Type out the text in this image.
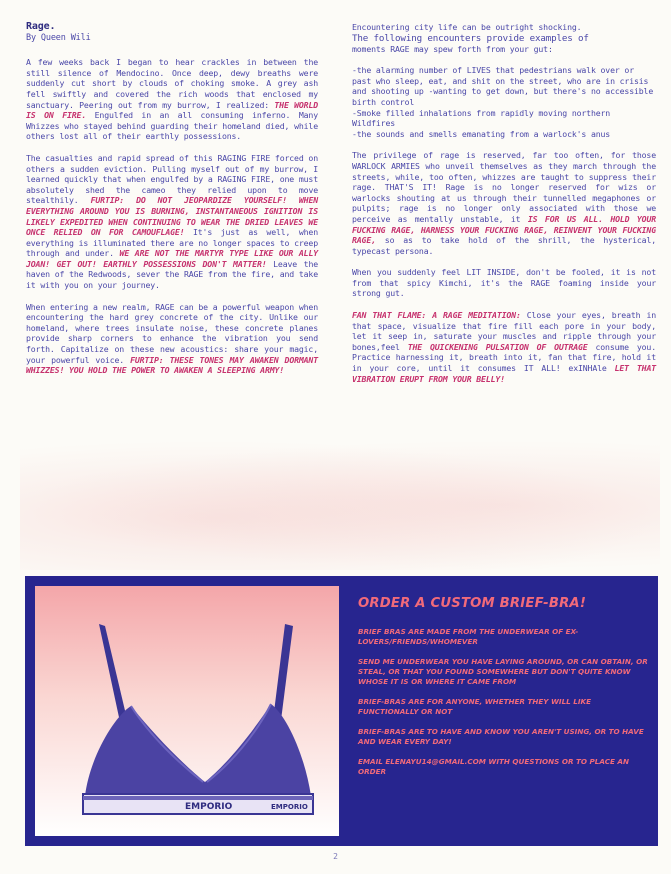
Rage.
By Queen Wili

A few weeks back I began to hear crackles in between the still silence of Mendocino. Once deep, dewy breaths were suddenly cut short by clouds of choking smoke. A grey ash fell swiftly and covered the rich woods that enclosed my sanctuary. Peering out from my burrow, I realized: THE WORLD IS ON FIRE. Engulfed in an all consuming inferno. Many Whizzes who stayed behind guarding their homeland died, while others lost all of their earthly possessions.

The casualties and rapid spread of this RAGING FIRE forced on others a sudden eviction. Pulling myself out of my burrow, I learned quickly that when engulfed by a RAGING FIRE, one must absolutely shed the cameo they relied upon to move stealthily. FURTIP: DO NOT JEOPARDIZE YOURSELF! WHEN EVERYTHING AROUND YOU IS BURNING, INSTANTANEOUS IGNITION IS LIKELY EXPEDITED WHEN CONTINUING TO WEAR THE DRIED LEAVES WE ONCE RELIED ON FOR CAMOUFLAGE! It's just as well, when everything is illuminated there are no longer spaces to creep through and under. WE ARE NOT THE MARTYR TYPE LIKE OUR ALLY JOAN! GET OUT! EARTHLY POSSESSIONS DON'T MATTER! Leave the haven of the Redwoods, sever the RAGE from the fire, and take it with you on your journey.

When entering a new realm, RAGE can be a powerful weapon when encountering the hard grey concrete of the city. Unlike our homeland, where trees insulate noise, these concrete planes provide sharp corners to enhance the vibration you send forth. Capitalize on these new acoustics: share your magic, your powerful voice. FURTIP: THESE TONES MAY AWAKEN DORMANT WHIZZES! YOU HOLD THE POWER TO AWAKEN A SLEEPING ARMY!

Encountering city life can be outright shocking.
The following encounters provide examples of
moments RAGE may spew forth from your gut:
-the alarming number of LIVES that pedestrians walk over or past who sleep, eat, and shit on the street, who are in crisis and shooting up -wanting to get down, but there's no accessible birth control
-Smoke filled inhalations from rapidly moving northern Wildfires
-the sounds and smells emanating from a warlock's anus

The privilege of rage is reserved, far too often, for those WARLOCK ARMIES who unveil themselves as they march through the streets, while, too often, whizzes are taught to suppress their rage. THAT'S IT! Rage is no longer reserved for wizs or warlocks shouting at us through their tunnelled megaphones or pulpits; rage is no longer only associated with those we perceive as mentally unstable, it IS FOR US ALL. HOLD YOUR FUCKING RAGE, HARNESS YOUR FUCKING RAGE, REINVENT YOUR FUCKING RAGE, so as to take hold of the shrill, the hysterical, typecast persona.

When you suddenly feel LIT INSIDE, don't be fooled, it is not from that spicy Kimchi, it's the RAGE foaming inside your strong gut.

FAN THAT FLAME: A RAGE MEDITATION: Close your eyes, breath in that space, visualize that fire fill each pore in your body, let it seep in, saturate your muscles and ripple through your bones,feel THE QUICKENING PULSATION OF OUTRAGE consume you. Practice harnessing it, breath into it, fan that fire, hold it in your core, until it consumes IT ALL! exINHAle LET THAT VIBRATION ERUPT FROM YOUR BELLY!

EMPORIO	EMPORIO
ORDER A CUSTOM BRIEF-BRA!
BRIEF BRAS ARE MADE FROM THE UNDERWEAR OF EX-LOVERS/FRIENDS/WHOMEVER
SEND ME UNDERWEAR YOU HAVE LAYING AROUND, OR CAN OBTAIN, OR STEAL, OR THAT YOU FOUND SOMEWHERE BUT DON'T QUITE KNOW WHOSE IT IS OR WHERE IT CAME FROM
BRIEF-BRAS ARE FOR ANYONE, WHETHER THEY WILL LIKE FUNCTIONALLY OR NOT
BRIEF-BRAS ARE TO HAVE AND KNOW YOU AREN'T USING, OR TO HAVE AND WEAR EVERY DAY!
EMAIL ELENAYU14@GMAIL.COM WITH QUESTIONS OR TO PLACE AN ORDER
2
